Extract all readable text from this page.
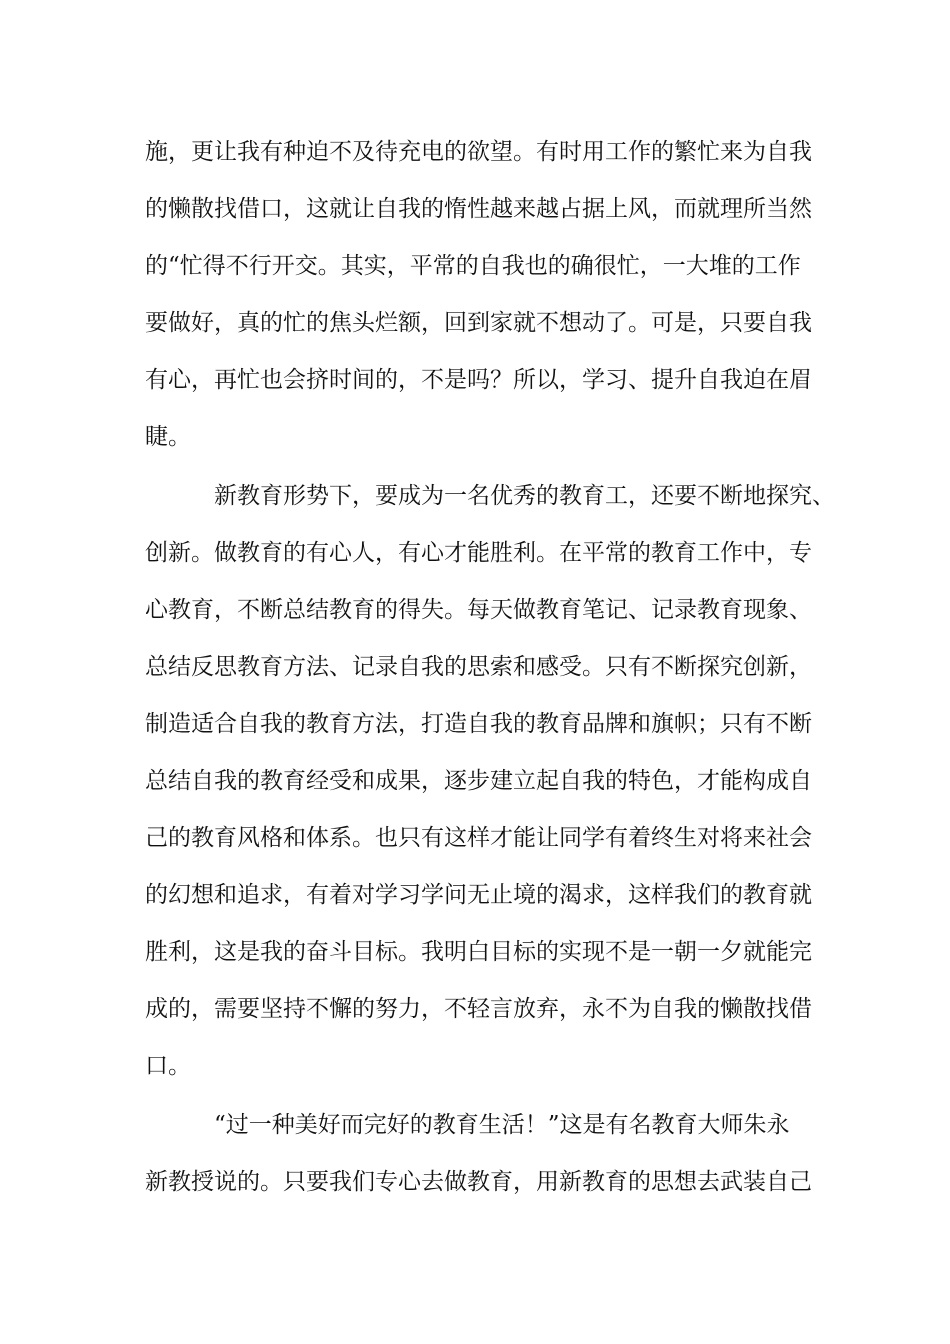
施，更让我有种迫不及待充电的欲望。有时用工作的繁忙来为自我

的懒散找借口，这就让自我的惰性越来越占据上风，而就理所当然

的“忙得不行开交。其实，平常的自我也的确很忙，一大堆的工作

要做好，真的忙的焦头烂额，回到家就不想动了。可是，只要自我

有心，再忙也会挤时间的，不是吗？所以，学习、提升自我迫在眉

睫。

新教育形势下，要成为一名优秀的教育工，还要不断地探究、

创新。做教育的有心人，有心才能胜利。在平常的教育工作中，专

心教育，不断总结教育的得失。每天做教育笔记、记录教育现象、

总结反思教育方法、记录自我的思索和感受。只有不断探究创新，

制造适合自我的教育方法，打造自我的教育品牌和旗帜；只有不断

总结自我的教育经受和成果，逐步建立起自我的特色，才能构成自

己的教育风格和体系。也只有这样才能让同学有着终生对将来社会

的幻想和追求，有着对学习学问无止境的渴求，这样我们的教育就

胜利，这是我的奋斗目标。我明白目标的实现不是一朝一夕就能完

成的，需要坚持不懈的努力，不轻言放弃，永不为自我的懒散找借

口。

“过一种美好而完好的教育生活！”这是有名教育大师朱永

新教授说的。只要我们专心去做教育，用新教育的思想去武装自己
